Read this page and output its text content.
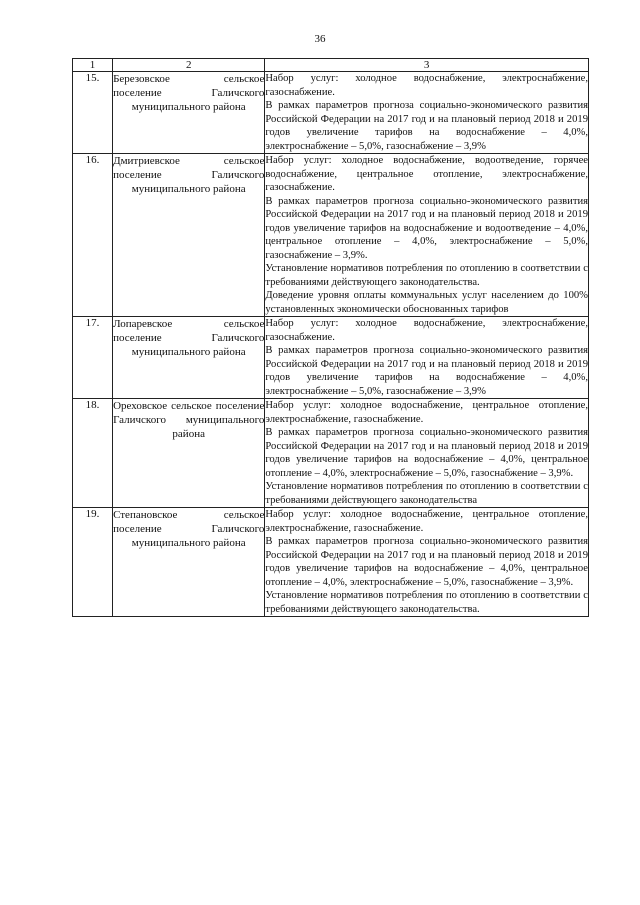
36
1	2	3
15.	Березовское сельское поселение Галичского муниципального района	Набор услуг: холодное водоснабжение, электроснабжение, газоснабжение.

В рамках параметров прогноза социально-экономического развития Российской Федерации на 2017 год и на плановый период 2018 и 2019 годов увеличение тарифов на водоснабжение – 4,0%, электроснабжение – 5,0%, газоснабжение – 3,9%

16.	Дмитриевское сельское поселение Галичского муниципального района	Набор услуг: холодное водоснабжение, водоотведение, горячее водоснабжение, центральное отопление, электроснабжение, газоснабжение.

В рамках параметров прогноза социально-экономического развития Российской Федерации на 2017 год и на плановый период 2018 и 2019 годов увеличение тарифов на водоснабжение и водоотведение – 4,0%, центральное отопление – 4,0%, электроснабжение – 5,0%, газоснабжение – 3,9%.

Установление нормативов потребления по отоплению в соответствии с требованиями действующего законодательства.

Доведение уровня оплаты коммунальных услуг населением до 100% установленных экономически обоснованных тарифов

17.	Лопаревское сельское поселение Галичского муниципального района	Набор услуг: холодное водоснабжение, электроснабжение, газоснабжение.

В рамках параметров прогноза социально-экономического развития Российской Федерации на 2017 год и на плановый период 2018 и 2019 годов увеличение тарифов на водоснабжение – 4,0%, электроснабжение – 5,0%, газоснабжение – 3,9%

18.	Ореховское сельское поселение Галичского муниципального района	Набор услуг: холодное водоснабжение, центральное отопление, электроснабжение, газоснабжение.

В рамках параметров прогноза социально-экономического развития Российской Федерации на 2017 год и на плановый период 2018 и 2019 годов увеличение тарифов на водоснабжение – 4,0%, центральное отопление – 4,0%, электроснабжение – 5,0%, газоснабжение – 3,9%.

Установление нормативов потребления по отоплению в соответствии с требованиями действующего законодательства

19.	Степановское сельское поселение Галичского муниципального района	Набор услуг: холодное водоснабжение, центральное отопление, электроснабжение, газоснабжение.

В рамках параметров прогноза социально-экономического развития Российской Федерации на 2017 год и на плановый период 2018 и 2019 годов увеличение тарифов на водоснабжение – 4,0%, центральное отопление – 4,0%, электроснабжение – 5,0%, газоснабжение – 3,9%.

Установление нормативов потребления по отоплению в соответствии с требованиями действующего законодательства.
